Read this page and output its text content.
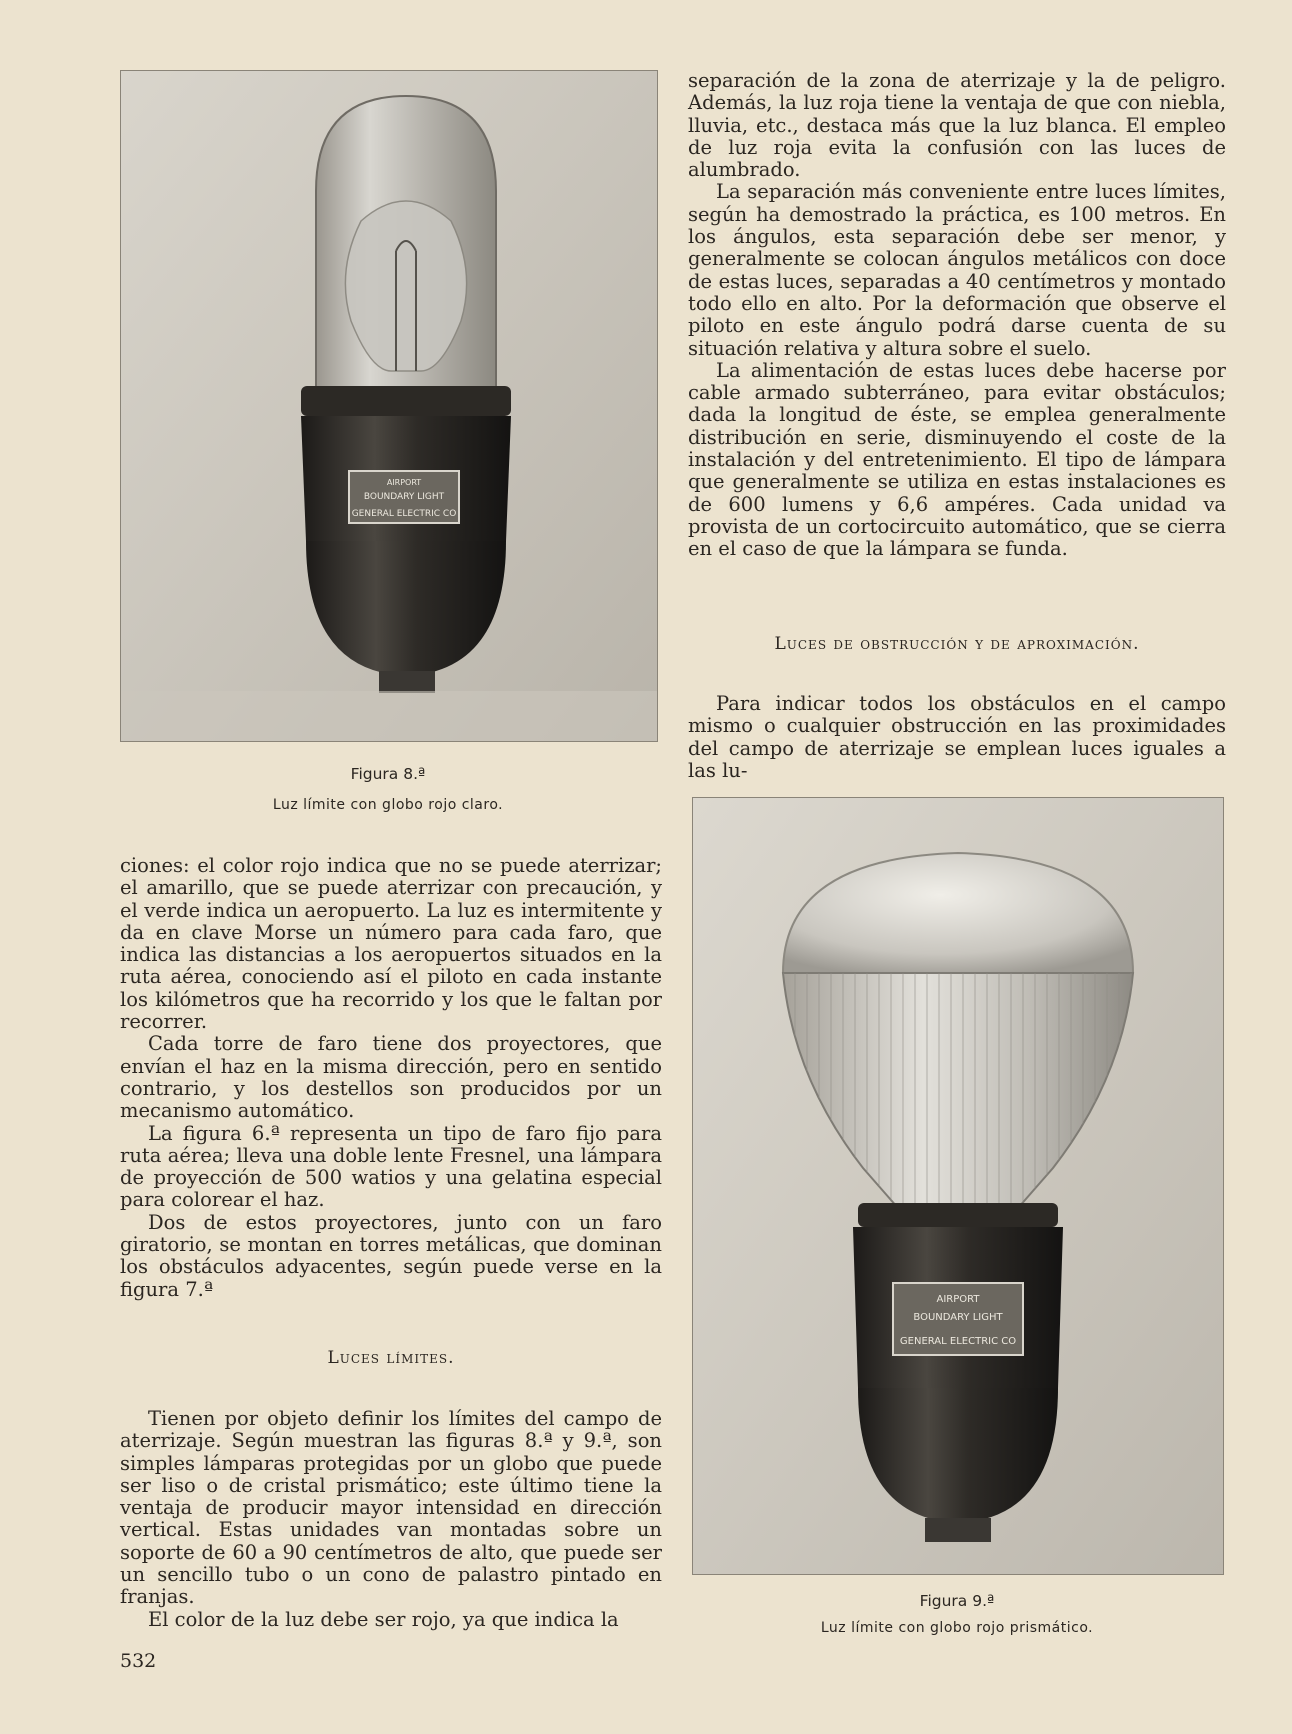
AIRPORT
BOUNDARY LIGHT
GENERAL ELECTRIC CO

Figura 8.ª

Luz límite con globo rojo claro.

ciones: el color rojo indica que no se puede aterrizar; el amarillo, que se puede aterrizar con precaución, y el verde indica un aeropuerto. La luz es intermitente y da en clave Morse un número para cada faro, que indica las distancias a los aeropuertos situados en la ruta aérea, conociendo así el piloto en cada instante los kilómetros que ha recorrido y los que le faltan por recorrer.

Cada torre de faro tiene dos proyectores, que envían el haz en la misma dirección, pero en sentido contrario, y los destellos son producidos por un mecanismo automático.

La figura 6.ª representa un tipo de faro fijo para ruta aérea; lleva una doble lente Fresnel, una lámpara de proyección de 500 watios y una gelatina especial para colorear el haz.

Dos de estos proyectores, junto con un faro giratorio, se montan en torres metálicas, que dominan los obstáculos adyacentes, según puede verse en la figura 7.ª

Luces límites.

Tienen por objeto definir los límites del campo de aterrizaje. Según muestran las figuras 8.ª y 9.ª, son simples lámparas protegidas por un globo que puede ser liso o de cristal prismático; este último tiene la ventaja de producir mayor intensidad en dirección vertical. Estas unidades van montadas sobre un soporte de 60 a 90 centímetros de alto, que puede ser un sencillo tubo o un cono de palastro pintado en franjas.

El color de la luz debe ser rojo, ya que indica la

532

separación de la zona de aterrizaje y la de peligro. Además, la luz roja tiene la ventaja de que con niebla, lluvia, etc., destaca más que la luz blanca. El empleo de luz roja evita la confusión con las luces de alumbrado.

La separación más conveniente entre luces límites, según ha demostrado la práctica, es 100 metros. En los ángulos, esta separación debe ser menor, y generalmente se colocan ángulos metálicos con doce de estas luces, separadas a 40 centímetros y montado todo ello en alto. Por la deformación que observe el piloto en este ángulo podrá darse cuenta de su situación relativa y altura sobre el suelo.

La alimentación de estas luces debe hacerse por cable armado subterráneo, para evitar obstáculos; dada la longitud de éste, se emplea generalmente distribución en serie, disminuyendo el coste de la instalación y del entretenimiento. El tipo de lámpara que generalmente se utiliza en estas instalaciones es de 600 lumens y 6,6 ampéres. Cada unidad va provista de un cortocircuito automático, que se cierra en el caso de que la lámpara se funda.

Luces de obstrucción y de aproximación.

Para indicar todos los obstáculos en el campo mismo o cualquier obstrucción en las proximidades del campo de aterrizaje se emplean luces iguales a las lu-

AIRPORT
BOUNDARY LIGHT
GENERAL ELECTRIC CO

Figura 9.ª

Luz límite con globo rojo prismático.
